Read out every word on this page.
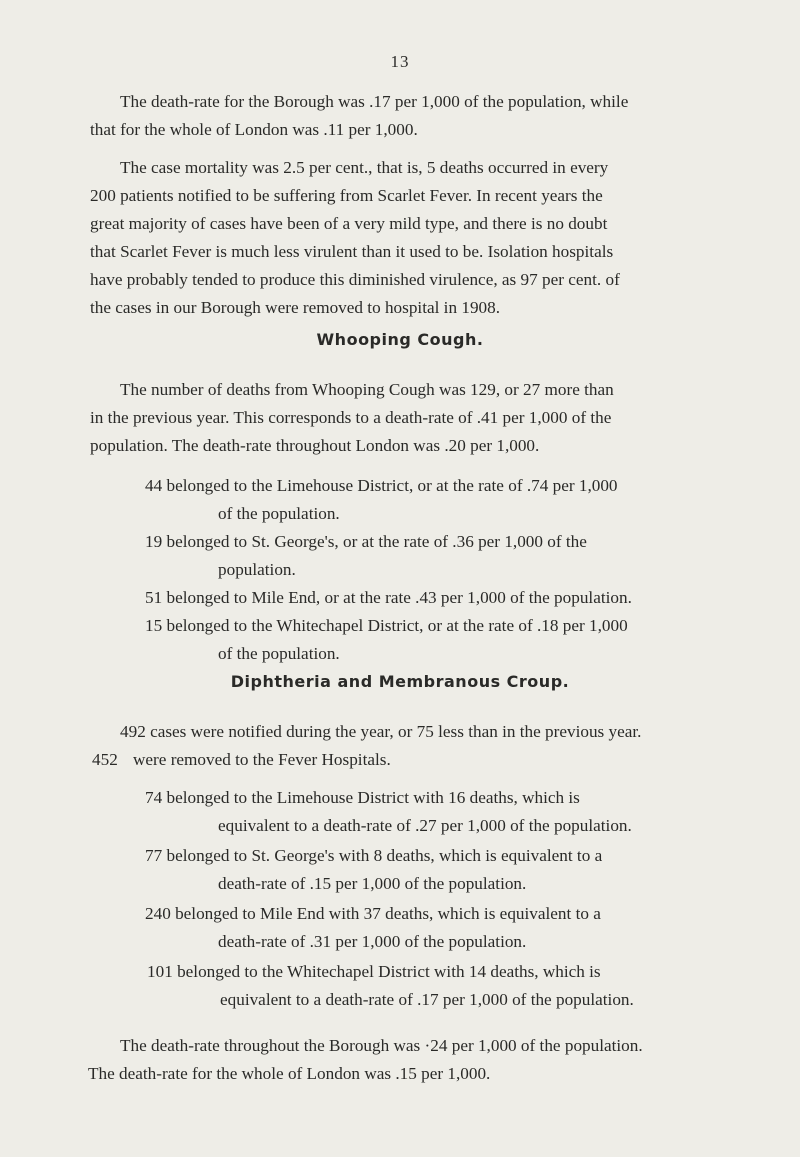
13
The death-rate for the Borough was .17 per 1,000 of the population, while
that for the whole of London was .11 per 1,000.
The case mortality was 2.5 per cent., that is, 5 deaths occurred in every
200 patients notified to be suffering from Scarlet Fever. In recent years the
great majority of cases have been of a very mild type, and there is no doubt
that Scarlet Fever is much less virulent than it used to be. Isolation hospitals
have probably tended to produce this diminished virulence, as 97 per cent. of
the cases in our Borough were removed to hospital in 1908.
Whooping Cough.
The number of deaths from Whooping Cough was 129, or 27 more than
in the previous year. This corresponds to a death-rate of .41 per 1,000 of the
population. The death-rate throughout London was .20 per 1,000.
44 belonged to the Limehouse District, or at the rate of .74 per 1,000
of the population.
19 belonged to St. George's, or at the rate of .36 per 1,000 of the
population.
51 belonged to Mile End, or at the rate .43 per 1,000 of the population.
15 belonged to the Whitechapel District, or at the rate of .18 per 1,000
of the population.
Diphtheria and Membranous Croup.
492 cases were notified during the year, or 75 less than in the previous year.
452 were removed to the Fever Hospitals.
74 belonged to the Limehouse District with 16 deaths, which is
equivalent to a death-rate of .27 per 1,000 of the population.
77 belonged to St. George's with 8 deaths, which is equivalent to a
death-rate of .15 per 1,000 of the population.
240 belonged to Mile End with 37 deaths, which is equivalent to a
death-rate of .31 per 1,000 of the population.
101 belonged to the Whitechapel District with 14 deaths, which is
equivalent to a death-rate of .17 per 1,000 of the population.
The death-rate throughout the Borough was ·24 per 1,000 of the population.
The death-rate for the whole of London was .15 per 1,000.
